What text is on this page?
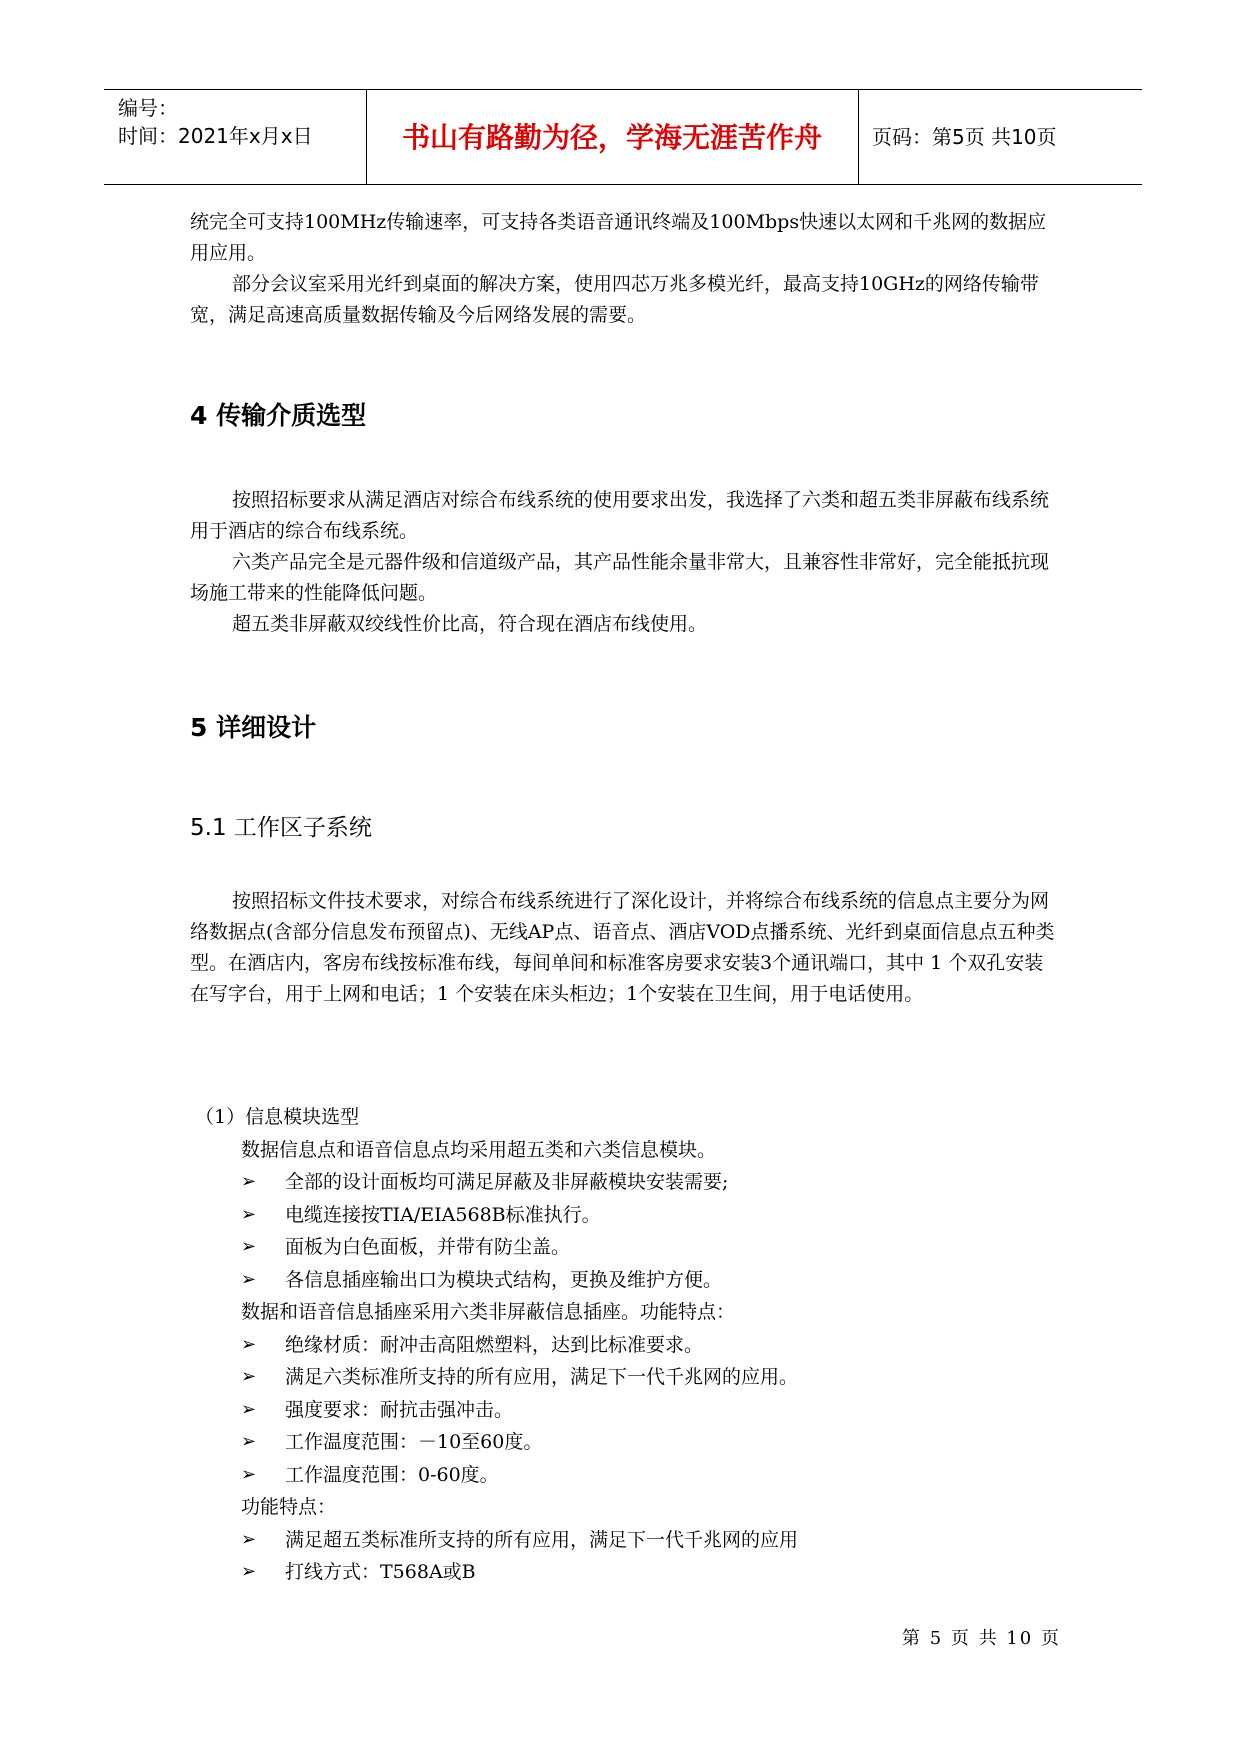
编号：
时间：2021年x月x日	书山有路勤为径，学海无涯苦作舟	页码：第5页 共10页

统完全可支持100MHz传输速率，可支持各类语音通讯终端及100Mbps快速以太网和千兆网的数据应用应用。

部分会议室采用光纤到桌面的解决方案，使用四芯万兆多模光纤，最高支持10GHz的网络传输带宽，满足高速高质量数据传输及今后网络发展的需要。

4 传输介质选型

按照招标要求从满足酒店对综合布线系统的使用要求出发，我选择了六类和超五类非屏蔽布线系统用于酒店的综合布线系统。

六类产品完全是元器件级和信道级产品，其产品性能余量非常大，且兼容性非常好，完全能抵抗现场施工带来的性能降低问题。

超五类非屏蔽双绞线性价比高，符合现在酒店布线使用。

5 详细设计
5.1 工作区子系统

按照招标文件技术要求，对综合布线系统进行了深化设计，并将综合布线系统的信息点主要分为网络数据点(含部分信息发布预留点)、无线AP点、语音点、酒店VOD点播系统、光纤到桌面信息点五种类型。在酒店内，客房布线按标准布线，每间单间和标准客房要求安装3个通讯端口，其中 1 个双孔安装在写字台，用于上网和电话；1 个安装在床头柜边；1个安装在卫生间，用于电话使用。

（1）信息模块选型
数据信息点和语音信息点均采用超五类和六类信息模块。
➢ 全部的设计面板均可满足屏蔽及非屏蔽模块安装需要;
➢ 电缆连接按TIA/EIA568B标准执行。
➢ 面板为白色面板，并带有防尘盖。
➢ 各信息插座输出口为模块式结构，更换及维护方便。
数据和语音信息插座采用六类非屏蔽信息插座。功能特点：
➢ 绝缘材质：耐冲击高阻燃塑料，达到比标准要求。
➢ 满足六类标准所支持的所有应用，满足下一代千兆网的应用。
➢ 强度要求：耐抗击强冲击。
➢ 工作温度范围：－10至60度。
➢ 工作温度范围：0-60度。
功能特点：
➢ 满足超五类标准所支持的所有应用，满足下一代千兆网的应用
➢ 打线方式：T568A或B
第 5 页 共 10 页
